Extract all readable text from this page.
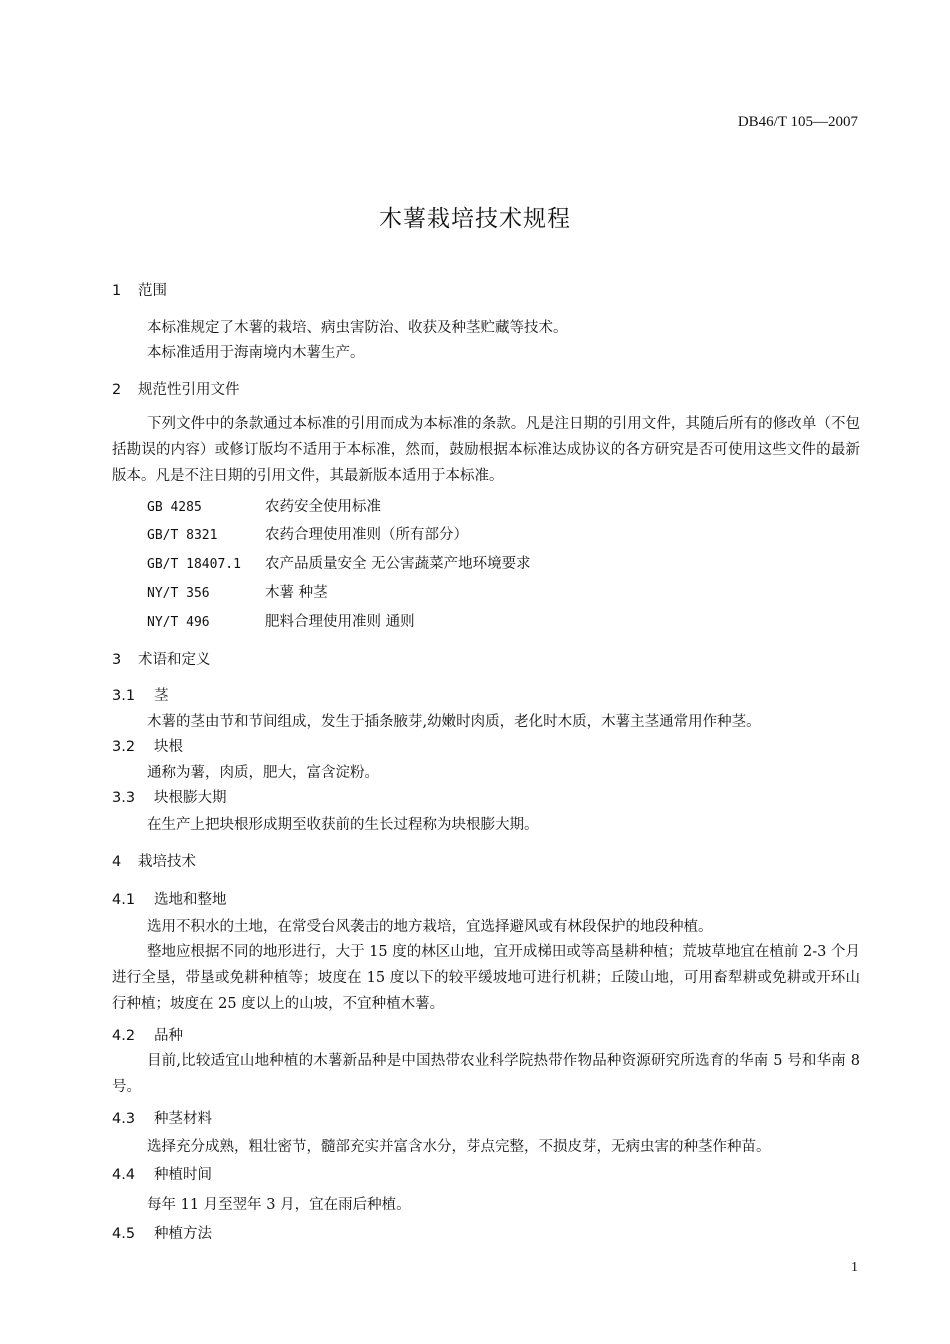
DB46/T 105—2007
木薯栽培技术规程
1 范围
本标准规定了木薯的栽培、病虫害防治、收获及种茎贮藏等技术。
本标准适用于海南境内木薯生产。
2 规范性引用文件
下列文件中的条款通过本标准的引用而成为本标准的条款。凡是注日期的引用文件，其随后所有的修改单（不包括勘误的内容）或修订版均不适用于本标准，然而，鼓励根据本标准达成协议的各方研究是否可使用这些文件的最新版本。凡是不注日期的引用文件，其最新版本适用于本标准。
GB 4285	农药安全使用标准
GB/T 8321	农药合理使用准则（所有部分）
GB/T 18407.1 农产品质量安全 无公害蔬菜产地环境要求
NY/T 356	木薯 种茎
NY/T 496	肥料合理使用准则 通则
3 术语和定义
3.1 茎
木薯的茎由节和节间组成，发生于插条腋芽,幼嫩时肉质，老化时木质，木薯主茎通常用作种茎。
3.2 块根
通称为薯，肉质，肥大，富含淀粉。
3.3 块根膨大期
在生产上把块根形成期至收获前的生长过程称为块根膨大期。
4 栽培技术
4.1 选地和整地
选用不积水的土地，在常受台风袭击的地方栽培，宜选择避风或有林段保护的地段种植。
整地应根据不同的地形进行，大于 15 度的林区山地，宜开成梯田或等高垦耕种植；荒坡草地宜在植前 2-3 个月进行全垦，带垦或免耕种植等；坡度在 15 度以下的较平缓坡地可进行机耕；丘陵山地，可用畜犁耕或免耕或开环山行种植；坡度在 25 度以上的山坡，不宜种植木薯。
4.2 品种
目前,比较适宜山地种植的木薯新品种是中国热带农业科学院热带作物品种资源研究所选育的华南 5 号和华南 8 号。
4.3 种茎材料
选择充分成熟，粗壮密节，髓部充实并富含水分，芽点完整，不损皮芽，无病虫害的种茎作种苗。
4.4 种植时间
每年 11 月至翌年 3 月，宜在雨后种植。
4.5 种植方法
1
